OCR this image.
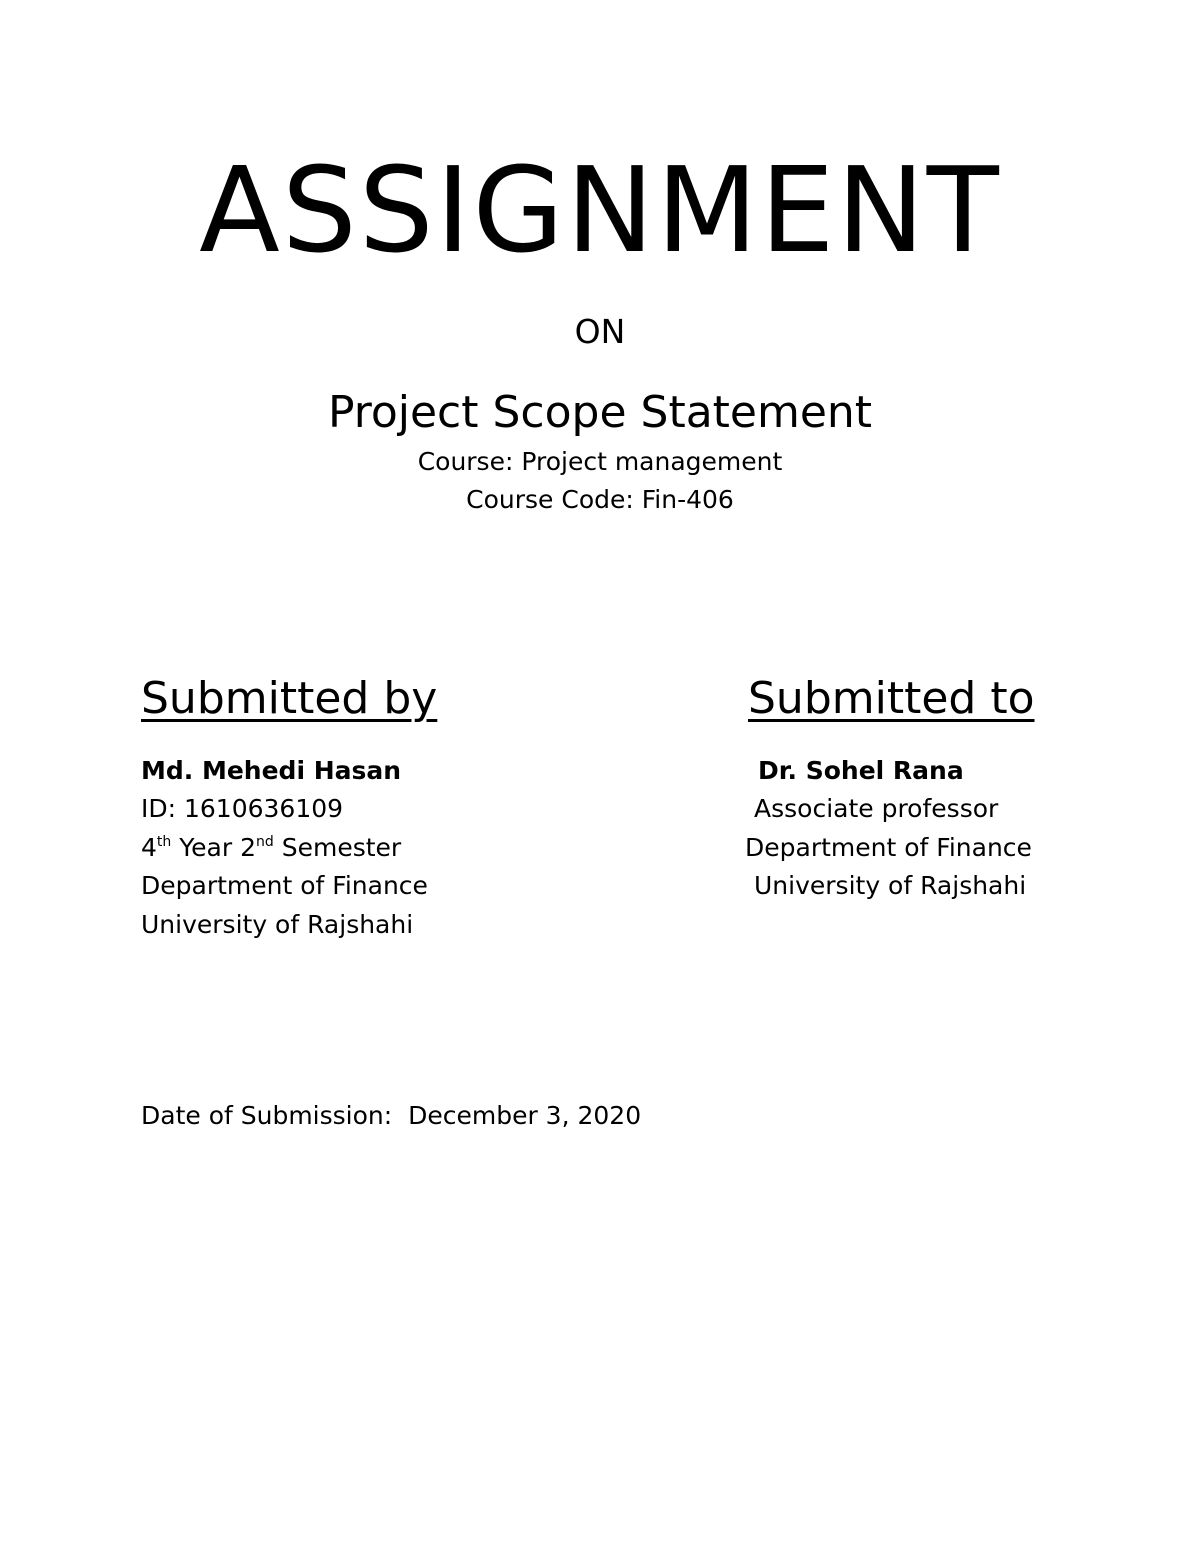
ASSIGNMENT
ON
Project Scope Statement
Course: Project management
Course Code: Fin-406
Submitted by
Md. Mehedi Hasan
ID: 1610636109
4th Year 2nd Semester
Department of Finance
University of Rajshahi
Submitted to
Dr. Sohel Rana
Associate professor
Department of Finance
University of Rajshahi
Date of Submission: December 3, 2020
